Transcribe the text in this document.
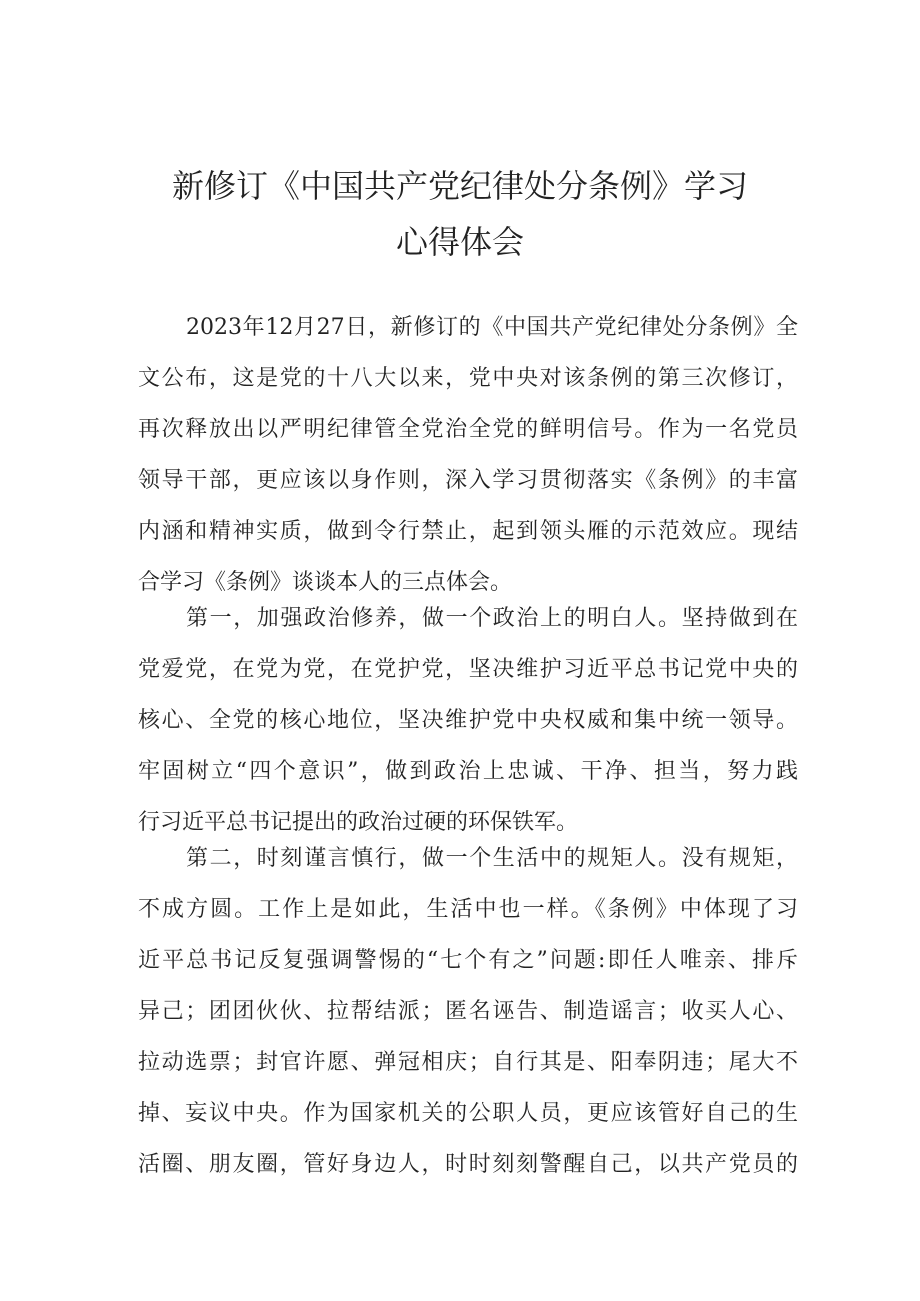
新修订《中国共产党纪律处分条例》学习
心得体会
2023年12月27日，新修订的《中国共产党纪律处分条例》全
文公布，这是党的十八大以来，党中央对该条例的第三次修订，
再次释放出以严明纪律管全党治全党的鲜明信号。作为一名党员
领导干部，更应该以身作则，深入学习贯彻落实《条例》的丰富
内涵和精神实质，做到令行禁止，起到领头雁的示范效应。现结
合学习《条例》谈谈本人的三点体会。
第一，加强政治修养，做一个政治上的明白人。坚持做到在
党爱党，在党为党，在党护党，坚决维护习近平总书记党中央的
核心、全党的核心地位，坚决维护党中央权威和集中统一领导。
牢固树立“四个意识”，做到政治上忠诚、干净、担当，努力践
行习近平总书记提出的政治过硬的环保铁军。
第二，时刻谨言慎行，做一个生活中的规矩人。没有规矩，
不成方圆。工作上是如此，生活中也一样。《条例》中体现了习
近平总书记反复强调警惕的“七个有之”问题:即任人唯亲、排斥
异己；团团伙伙、拉帮结派；匿名诬告、制造谣言；收买人心、
拉动选票；封官许愿、弹冠相庆；自行其是、阳奉阴违；尾大不
掉、妄议中央。作为国家机关的公职人员，更应该管好自己的生
活圈、朋友圈，管好身边人，时时刻刻警醒自己，以共产党员的
